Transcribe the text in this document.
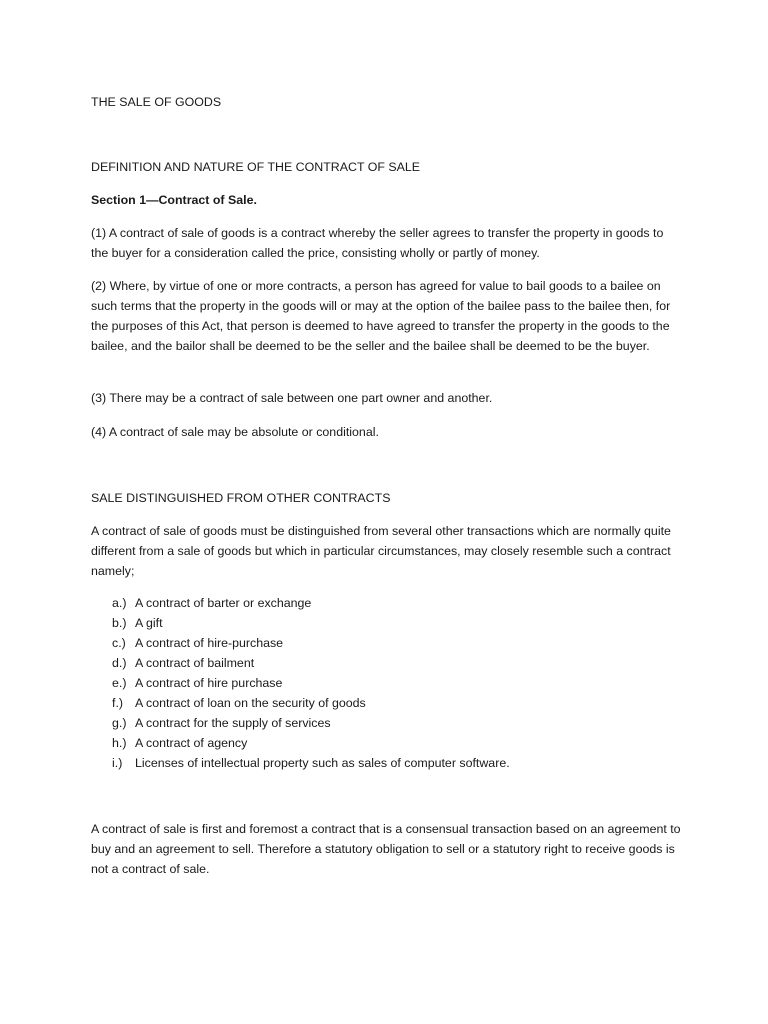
THE SALE OF GOODS
DEFINITION AND NATURE OF THE CONTRACT OF SALE
Section 1—Contract of Sale.
(1) A contract of sale of goods is a contract whereby the seller agrees to transfer the property in goods to the buyer for a consideration called the price, consisting wholly or partly of money.
(2) Where, by virtue of one or more contracts, a person has agreed for value to bail goods to a bailee on such terms that the property in the goods will or may at the option of the bailee pass to the bailee then, for the purposes of this Act, that person is deemed to have agreed to transfer the property in the goods to the bailee, and the bailor shall be deemed to be the seller and the bailee shall be deemed to be the buyer.
(3) There may be a contract of sale between one part owner and another.
(4) A contract of sale may be absolute or conditional.
SALE DISTINGUISHED FROM OTHER CONTRACTS
A contract of sale of goods must be distinguished from several other transactions which are normally quite different from a sale of goods but which in particular circumstances, may closely resemble such a contract namely;
a.) A contract of barter or exchange
b.) A gift
c.) A contract of hire-purchase
d.) A contract of bailment
e.) A contract of hire purchase
f.) A contract of loan on the security of goods
g.) A contract for the supply of services
h.) A contract of agency
i.) Licenses of intellectual property such as sales of computer software.
A contract of sale is first and foremost a contract that is a consensual transaction based on an agreement to buy and an agreement to sell. Therefore a statutory obligation to sell or a statutory right to receive goods is not a contract of sale.
